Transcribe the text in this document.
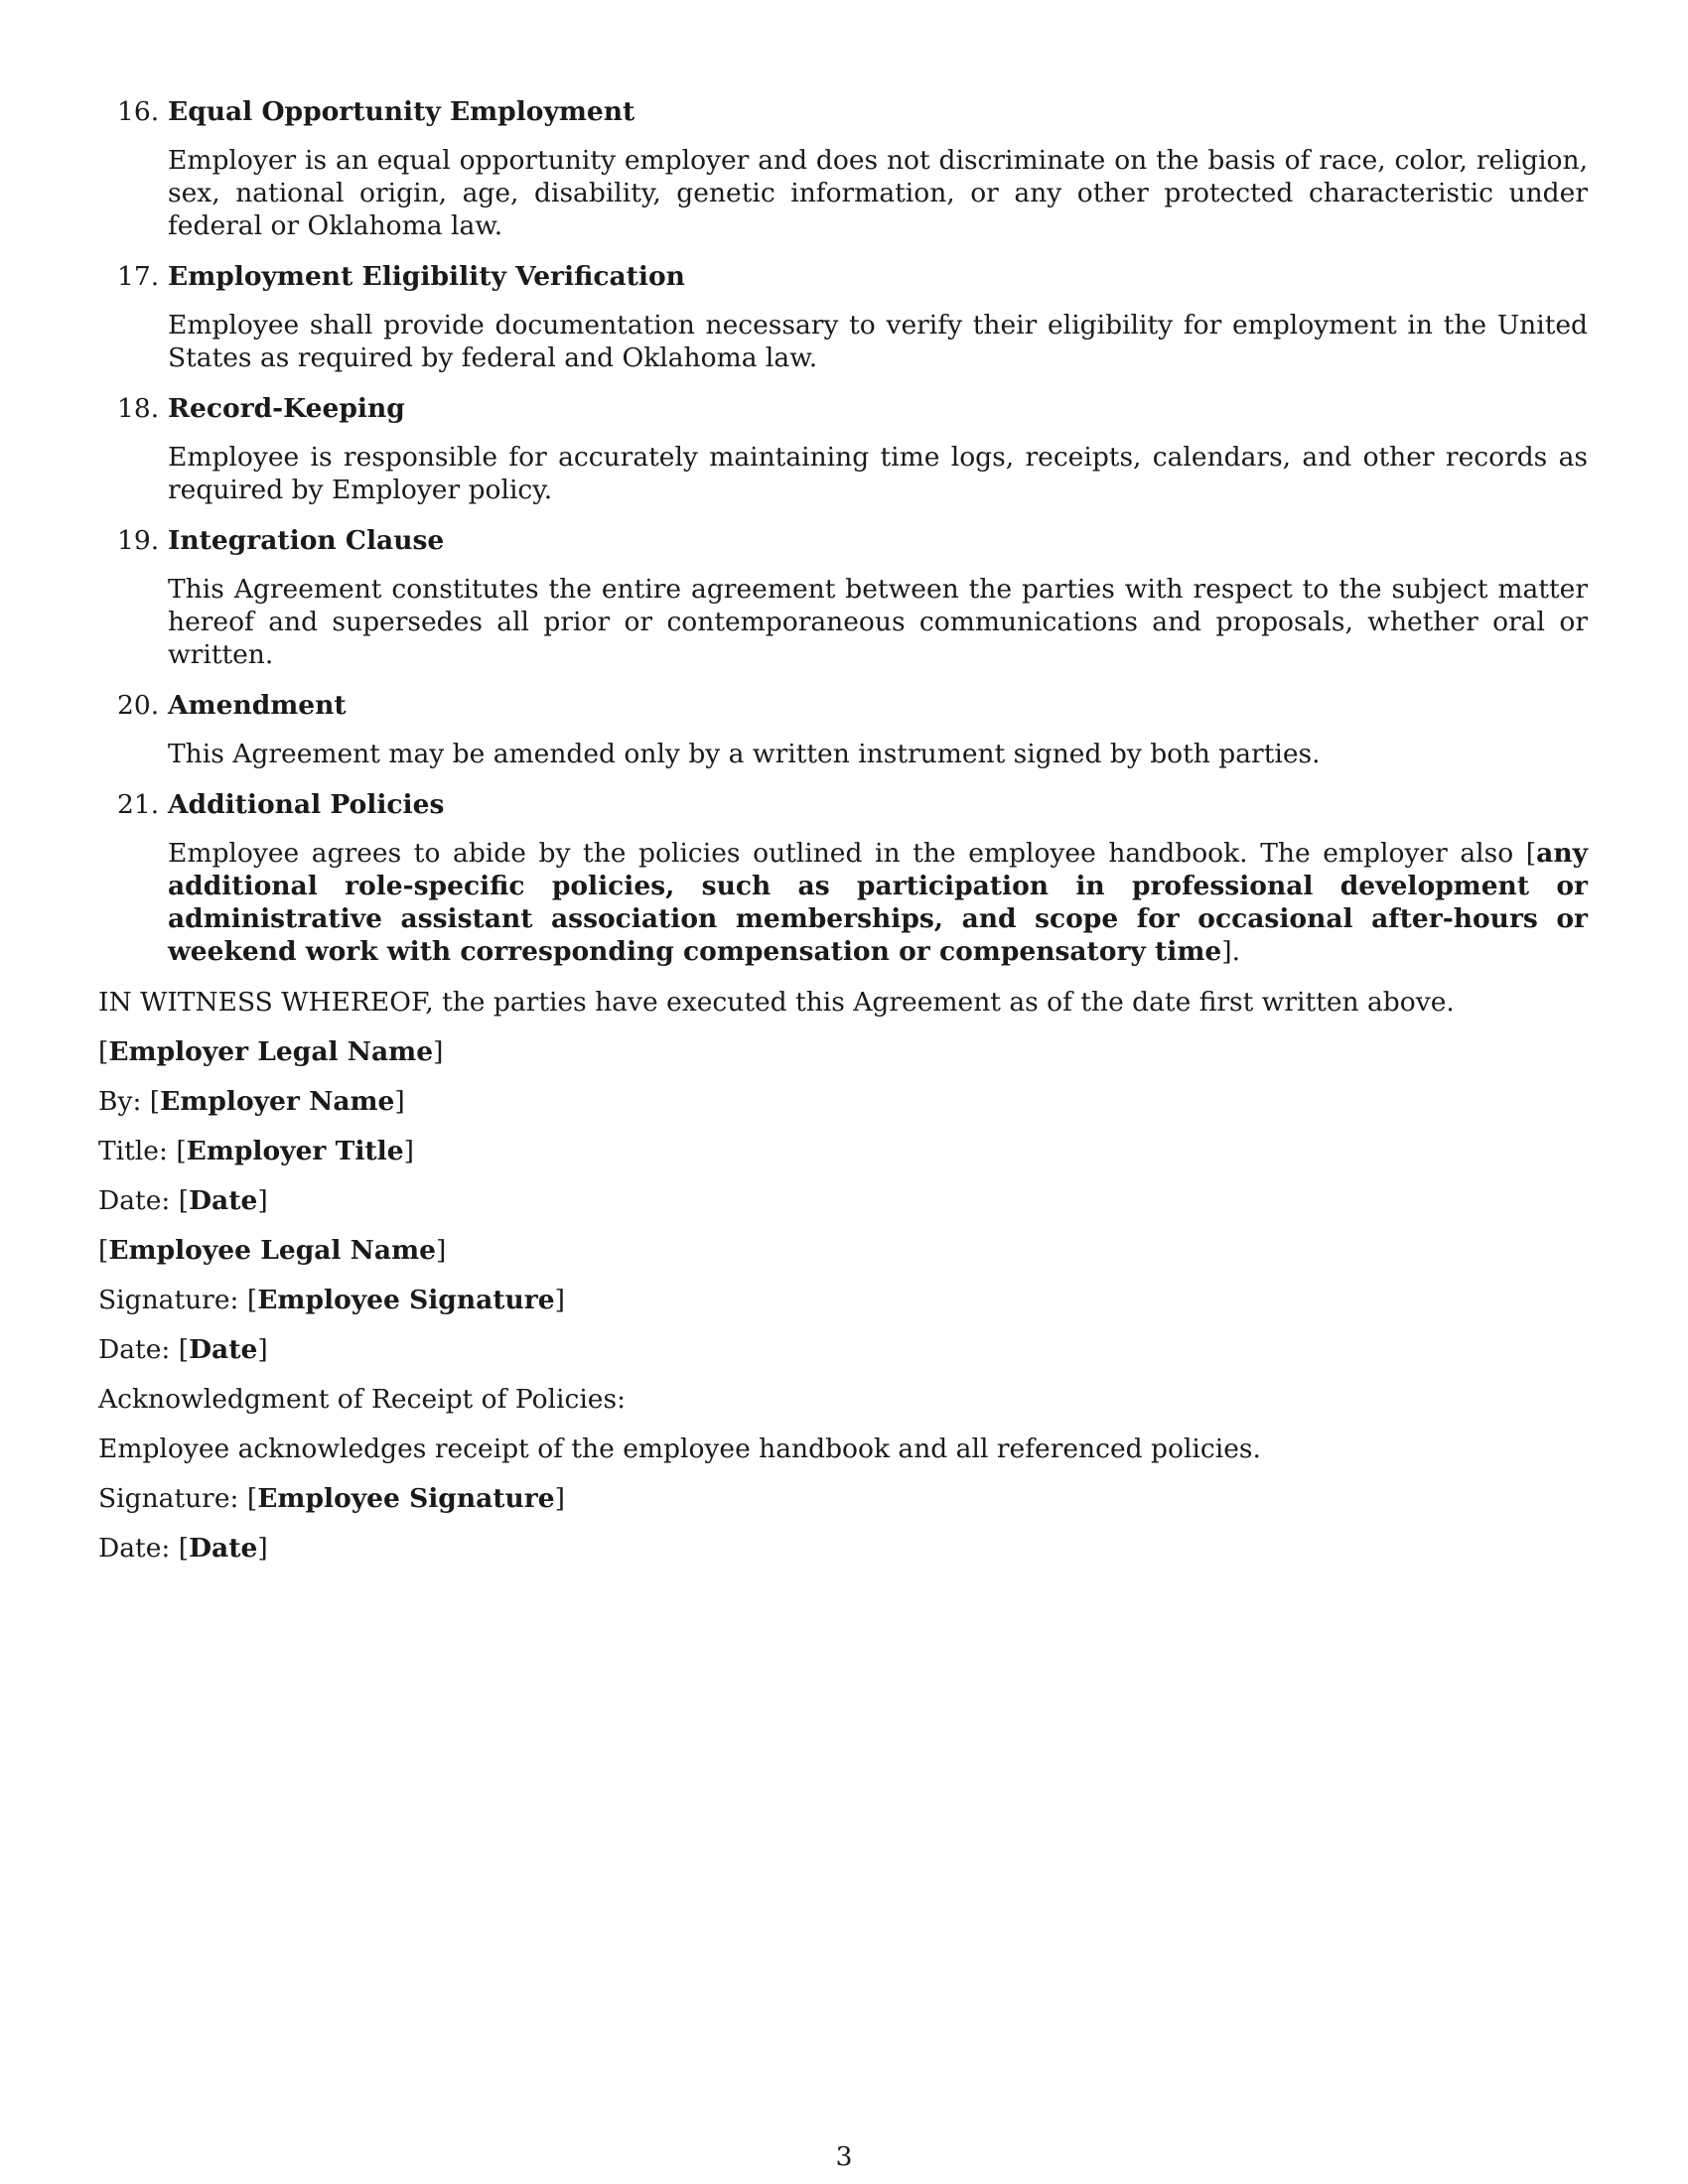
16. Equal Opportunity Employment
Employer is an equal opportunity employer and does not discriminate on the basis of race, color, religion, sex, national origin, age, disability, genetic information, or any other protected characteristic under federal or Oklahoma law.
17. Employment Eligibility Verification
Employee shall provide documentation necessary to verify their eligibility for employment in the United States as required by federal and Oklahoma law.
18. Record-Keeping
Employee is responsible for accurately maintaining time logs, receipts, calendars, and other records as required by Employer policy.
19. Integration Clause
This Agreement constitutes the entire agreement between the parties with respect to the subject matter hereof and supersedes all prior or contemporaneous communications and proposals, whether oral or written.
20. Amendment
This Agreement may be amended only by a written instrument signed by both parties.
21. Additional Policies
Employee agrees to abide by the policies outlined in the employee handbook. The employer also [any additional role-specific policies, such as participation in professional development or administrative assistant association memberships, and scope for occasional after-hours or weekend work with corresponding compensation or compensatory time].

IN WITNESS WHEREOF, the parties have executed this Agreement as of the date first written above.

[Employer Legal Name]

By: [Employer Name]

Title: [Employer Title]

Date: [Date]

[Employee Legal Name]

Signature: [Employee Signature]

Date: [Date]

Acknowledgment of Receipt of Policies:

Employee acknowledges receipt of the employee handbook and all referenced policies.

Signature: [Employee Signature]

Date: [Date]

3
